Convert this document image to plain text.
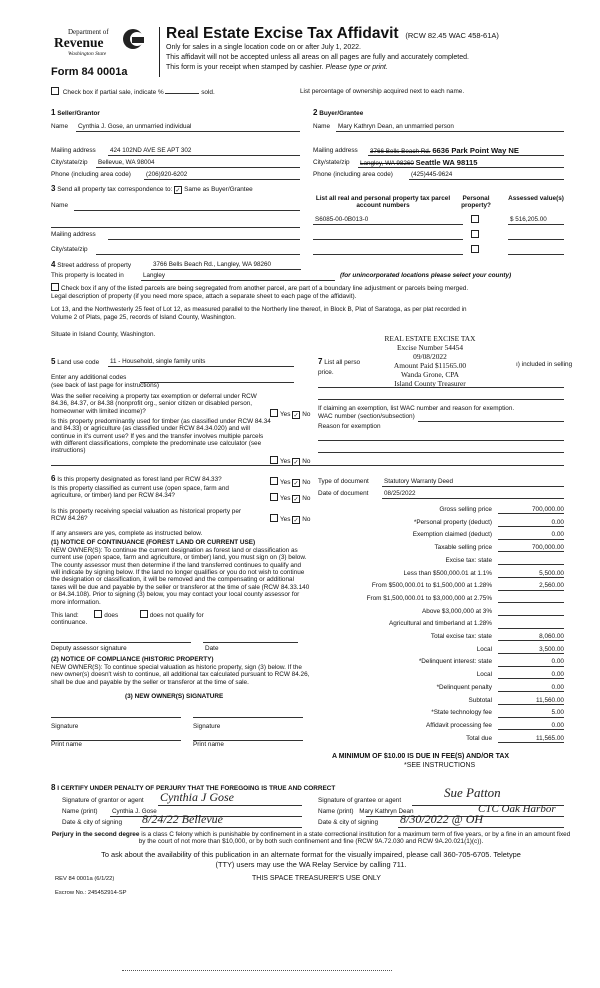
Department of
Revenue
Washington State
Form 84 0001a
Real Estate Excise Tax Affidavit (RCW 82.45 WAC 458-61A)
Only for sales in a single location code on or after July 1, 2022.
This affidavit will not be accepted unless all areas on all pages are fully and accurately completed.
This form is your receipt when stamped by cashier. Please type or print.
Check box if partial sale, indicate %	sold.	List percentage of ownership acquired next to each name.
1 Seller/Grantor
Name Cynthia J. Gose, an unmarried individual
Mailing address 424 102ND AVE SE APT 302
City/state/zip Bellevue, WA 98004
Phone (including area code) (206)920-6202
2 Buyer/Grantee
Name Mary Kathryn Dean, an unmarried person
Mailing address 3766 Bells Beach Rd. 6636 Park Point Way NE
City/state/zip Langley, WA 98260 Seattle WA 98115
Phone (including area code)	(425)445-9624
3 Send all property tax correspondence to: ✓ Same as Buyer/Grantee
Name
Mailing address
City/state/zip
List all real and personal property tax parcel account numbers
Personal property?
Assessed value(s)
S6085-00-0B013-0	$ 516,205.00
4 Street address of property	3766 Bells Beach Rd., Langley, WA 98260
This property is located in	Langley	(for unincorporated locations please select your county)
Check box if any of the listed parcels are being segregated from another parcel, are part of a boundary line adjustment or parcels being merged.
Legal description of property (if you need more space, attach a separate sheet to each page of the affidavit).
Lot 13, and the Northwesterly 25 feet of Lot 12, as measured parallel to the Northerly line thereof, in Block B, Plat of Saratoga, as per plat recorded in
Volume 2 of Plats, page 25, records of Island County, Washington.
Situate in Island County, Washington.	REAL ESTATE EXCISE TAX
Excise Number 54454
09/08/2022
Amount Paid $11565.00
Wanda Grone, CPA
Island County Treasurer
5 Land use code 11 - Household, single family units
Enter any additional codes
(see back of last page for instructions)
Was the seller receiving a property tax exemption or deferral under RCW 84.36, 84.37, or 84.38 (nonprofit org., senior citizen or disabled person, homeowner with limited income)?	Yes ✓ No
Is this property predominantly used for timber (as classified under RCW 84.34 and 84.33) or agriculture (as classified under RCW 84.34.020) and will continue in it's current use? If yes and the transfer involves multiple parcels with different classifications, complete the predominate use calculator (see instructions)
Yes ✓ No
7 List all perso	ı) included in selling
price.
If claiming an exemption, list WAC number and reason for exemption.
WAC number (section/subsection)
Reason for exemption
6 Is this property designated as forest land per RCW 84.33?	Yes ✓ No
Is this property classified as current use (open space, farm and agriculture, or timber) land per RCW 84.34?	Yes ✓ No
Is this property receiving special valuation as historical property per RCW 84.26?	Yes ✓ No
If any answers are yes, complete as instructed below.
(1) NOTICE OF CONTINUANCE (FOREST LAND OR CURRENT USE)
NEW OWNER(S): To continue the current designation as forest land or classification as current use (open space, farm and agriculture, or timber) land, you must sign on (3) below. The county assessor must then determine if the land transferred continues to qualify and will indicate by signing below. If the land no longer qualifies or you do not wish to continue the designation or classification, it will be removed and the compensating or additional taxes will be due and payable by the seller or transferor at the time of sale (RCW 84.33.140 or 84.34.108). Prior to signing (3) below, you may contact your local county assessor for more information.
This land:	does	does not qualify for
continuance.
Deputy assessor signature	Date
(2) NOTICE OF COMPLIANCE (HISTORIC PROPERTY)
NEW OWNER(S): To continue special valuation as historic property, sign (3) below. If the new owner(s) doesn't wish to continue, all additional tax calculated pursuant to RCW 84.26, shall be due and payable by the seller or transferor at the time of sale.
(3) NEW OWNER(S) SIGNATURE
Signature	Signature
Print name	Print name
Type of document Statutory Warranty Deed
Date of document 08/25/2022
Gross selling price	700,000.00
*Personal property (deduct)	0.00
Exemption claimed (deduct)	0.00
Taxable selling price	700,000.00
Excise tax: state

Less than $500,000.01 at 1.1%	5,500.00
From $500,000.01 to $1,500,000 at 1.28%	2,560.00
From $1,500,000.01 to $3,000,000 at 2.75%

Above $3,000,000 at 3%

Agricultural and timberland at 1.28%

Total excise tax: state	8,060.00
Local	3,500.00
*Delinquent interest: state	0.00
Local	0.00
*Delinquent penalty	0.00
Subtotal	11,560.00
*State technology fee	5.00
Affidavit processing fee	0.00
Total due	11,565.00
A MINIMUM OF $10.00 IS DUE IN FEE(S) AND/OR TAX
*SEE INSTRUCTIONS
8 I CERTIFY UNDER PENALTY OF PERJURY THAT THE FOREGOING IS TRUE AND CORRECT
Signature of grantor or agent Cynthia J Gose
Name (print) Cynthia J. Gose
Date & city of signing 8/24/22 Bellevue
Signature of grantee or agent
Sue Patton
Name (print) Mary Kathryn Dean	CTC Oak Harbor
Date & city of signing 8/30/2022 @ OH
Perjury in the second degree is a class C felony which is punishable by confinement in a state correctional institution for a maximum term of five years, or by a fine in an amount fixed by the court of not more than $10,000, or by both such confinement and fine (RCW 9A.72.030 and RCW 9A.20.021(1)(c)).
To ask about the availability of this publication in an alternate format for the visually impaired, please call 360-705-6705. Teletype
(TTY) users may use the WA Relay Service by calling 711.
REV 84 0001a (6/1/22)	THIS SPACE TREASURER'S USE ONLY
Escrow No.: 245452914-SP
